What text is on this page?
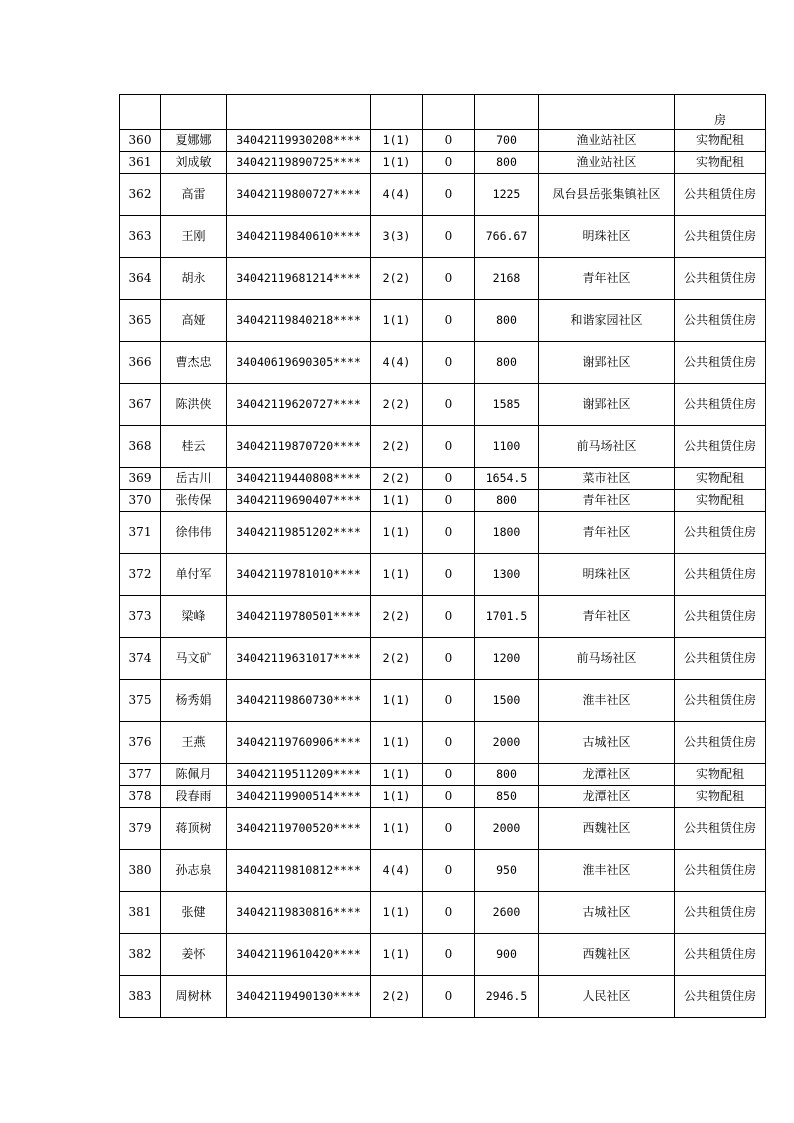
							房
360	夏娜娜	34042119930208****	1(1)	0	700	渔业站社区	实物配租
361	刘成敏	34042119890725****	1(1)	0	800	渔业站社区	实物配租
362	高雷	34042119800727****	4(4)	0	1225	凤台县岳张集镇社区	公共租赁住房
363	王刚	34042119840610****	3(3)	0	766.67	明珠社区	公共租赁住房
364	胡永	34042119681214****	2(2)	0	2168	青年社区	公共租赁住房
365	高娅	34042119840218****	1(1)	0	800	和谐家园社区	公共租赁住房
366	曹杰忠	34040619690305****	4(4)	0	800	谢郢社区	公共租赁住房
367	陈洪侠	34042119620727****	2(2)	0	1585	谢郢社区	公共租赁住房
368	桂云	34042119870720****	2(2)	0	1100	前马场社区	公共租赁住房
369	岳古川	34042119440808****	2(2)	0	1654.5	菜市社区	实物配租
370	张传保	34042119690407****	1(1)	0	800	青年社区	实物配租
371	徐伟伟	34042119851202****	1(1)	0	1800	青年社区	公共租赁住房
372	单付军	34042119781010****	1(1)	0	1300	明珠社区	公共租赁住房
373	梁峰	34042119780501****	2(2)	0	1701.5	青年社区	公共租赁住房
374	马文矿	34042119631017****	2(2)	0	1200	前马场社区	公共租赁住房
375	杨秀娟	34042119860730****	1(1)	0	1500	淮丰社区	公共租赁住房
376	王燕	34042119760906****	1(1)	0	2000	古城社区	公共租赁住房
377	陈佩月	34042119511209****	1(1)	0	800	龙潭社区	实物配租
378	段春雨	34042119900514****	1(1)	0	850	龙潭社区	实物配租
379	蒋顶树	34042119700520****	1(1)	0	2000	西魏社区	公共租赁住房
380	孙志泉	34042119810812****	4(4)	0	950	淮丰社区	公共租赁住房
381	张健	34042119830816****	1(1)	0	2600	古城社区	公共租赁住房
382	姜怀	34042119610420****	1(1)	0	900	西魏社区	公共租赁住房
383	周树林	34042119490130****	2(2)	0	2946.5	人民社区	公共租赁住房
